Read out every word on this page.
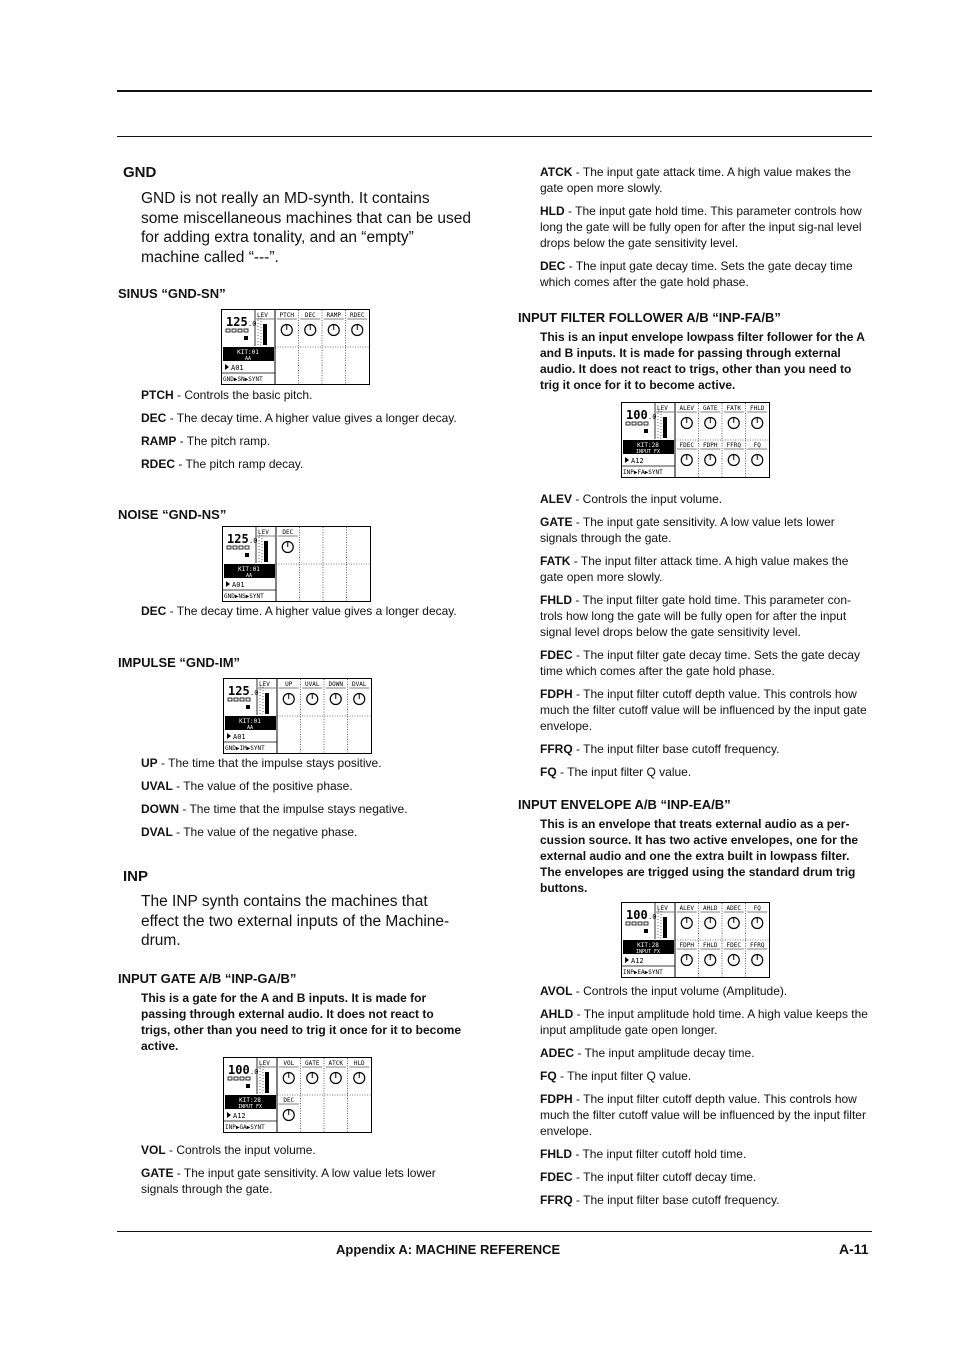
GND
GND is not really an MD-synth. It contains some miscellaneous machines that can be used for adding extra tonality, and an “empty” machine called “---”.
SINUS “GND-SN”
125 .0
KIT:01
AA
A01
GND▶SN▶SYNT
LEV PTCH DEC RAMP RDEC
PTCH - Controls the basic pitch.
DEC - The decay time. A higher value gives a longer decay.
RAMP - The pitch ramp.
RDEC - The pitch ramp decay.
NOISE “GND-NS”
125 .0
KIT:01
AA
A01
GND▶NS▶SYNT
LEV DEC
DEC - The decay time. A higher value gives a longer decay.
IMPULSE “GND-IM”
125 .0
KIT:01
AA
A01
GND▶IM▶SYNT
LEV	UP UVAL DOWN DVAL
UP - The time that the impulse stays positive.
UVAL - The value of the positive phase.
DOWN - The time that the impulse stays negative.
DVAL - The value of the negative phase.
INP
The INP synth contains the machines that effect the two external inputs of the Machine-drum.
INPUT GATE A/B “INP-GA/B”
This is a gate for the A and B inputs. It is made for passing through external audio. It does not react to trigs, other than you need to trig it once for it to become active.
100 .0
KIT:28
INPUT FX
A12
INP▶GA▶SYNT
LEV VOL GATE ATCK HLD
DEC
VOL - Controls the input volume.
GATE - The input gate sensitivity. A low value lets lower signals through the gate.
ATCK - The input gate attack time. A high value makes the gate open more slowly.
HLD - The input gate hold time. This parameter controls how long the gate will be fully open for after the input sig-nal level drops below the gate sensitivity level.
DEC - The input gate decay time. Sets the gate decay time which comes after the gate hold phase.
INPUT FILTER FOLLOWER A/B “INP-FA/B”
This is an input envelope lowpass filter follower for the A and B inputs. It is made for passing through external audio. It does not react to trigs, other than you need to trig it once for it to become active.
100 .0
KIT:28
INPUT FX
A12
INP▶FA▶SYNT
LEV ALEV GATE FATK FHLD
FDEC FDPH FFRQ FQ
ALEV - Controls the input volume.
GATE - The input gate sensitivity. A low value lets lower signals through the gate.
FATK - The input filter attack time. A high value makes the gate open more slowly.
FHLD - The input filter gate hold time. This parameter con-trols how long the gate will be fully open for after the input signal level drops below the gate sensitivity level.
FDEC - The input filter gate decay time. Sets the gate decay time which comes after the gate hold phase.
FDPH - The input filter cutoff depth value. This controls how much the filter cutoff value will be influenced by the input gate envelope.
FFRQ - The input filter base cutoff frequency.
FQ - The input filter Q value.
INPUT ENVELOPE A/B “INP-EA/B”
This is an envelope that treats external audio as a per-cussion source. It has two active envelopes, one for the external audio and one the extra built in lowpass filter. The envelopes are trigged using the standard drum trig buttons.
100 .0
KIT:28
INPUT FX
A12
INP▶EA▶SYNT
LEV ALEV AHLD ADEC FQ
FDPH FHLD FDEC FFRQ
AVOL - Controls the input volume (Amplitude).
AHLD - The input amplitude hold time. A high value keeps the input amplitude gate open longer.
ADEC - The input amplitude decay time.
FQ - The input filter Q value.
FDPH - The input filter cutoff depth value. This controls how much the filter cutoff value will be influenced by the input filter envelope.
FHLD - The input filter cutoff hold time.
FDEC - The input filter cutoff decay time.
FFRQ - The input filter base cutoff frequency.
Appendix A: MACHINE REFERENCE	A-11
